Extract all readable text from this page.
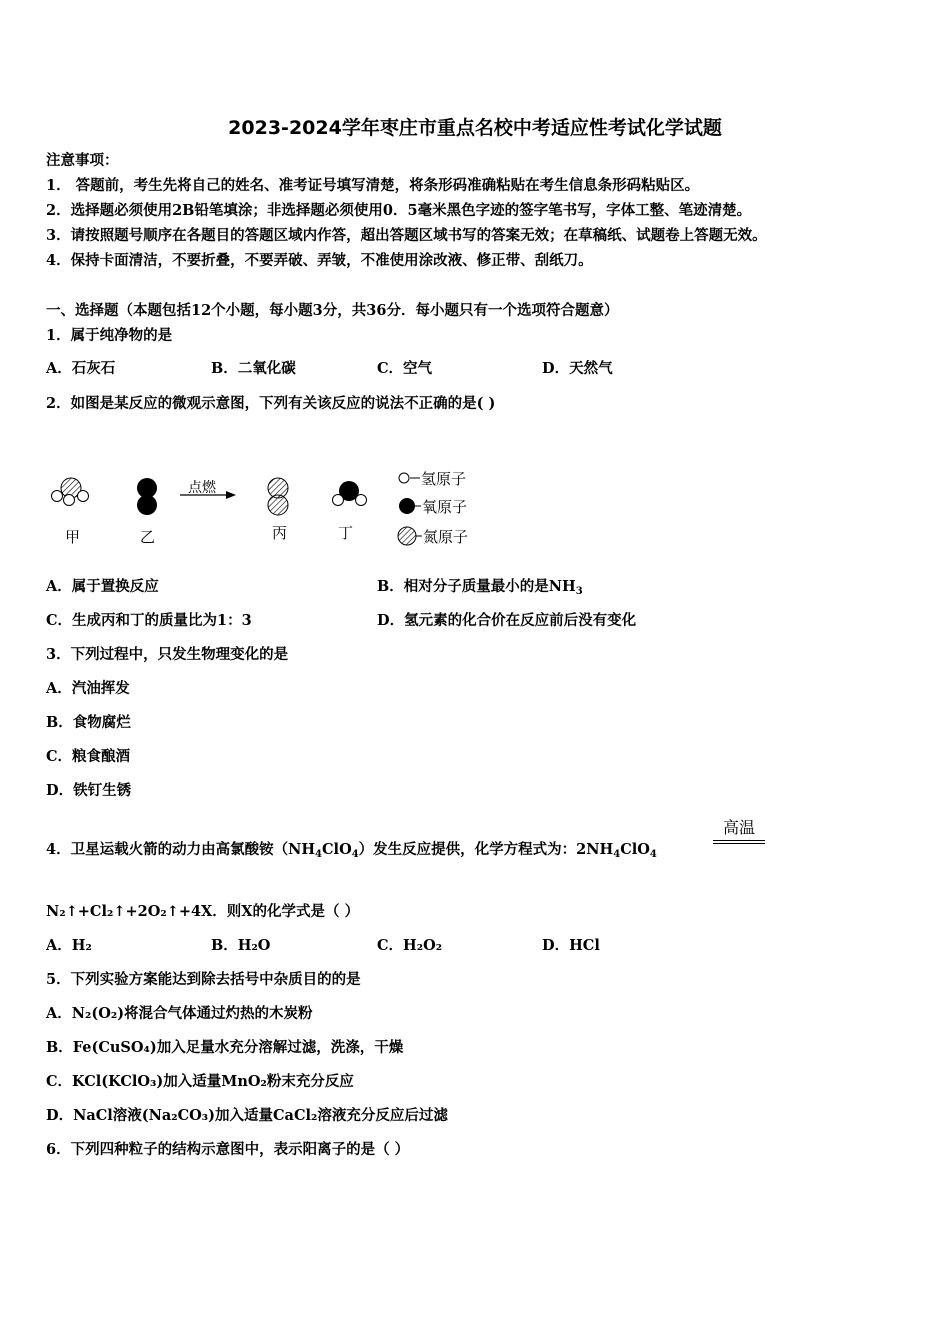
2023-2024学年枣庄市重点名校中考适应性考试化学试题
注意事项：
1． 答题前，考生先将自己的姓名、准考证号填写清楚，将条形码准确粘贴在考生信息条形码粘贴区。
2．选择题必须使用2B铅笔填涂；非选择题必须使用0．5毫米黑色字迹的签字笔书写，字体工整、笔迹清楚。
3．请按照题号顺序在各题目的答题区域内作答，超出答题区域书写的答案无效；在草稿纸、试题卷上答题无效。
4．保持卡面清洁，不要折叠，不要弄破、弄皱，不准使用涂改液、修正带、刮纸刀。
一、选择题（本题包括12个小题，每小题3分，共36分．每小题只有一个选项符合题意）
1．属于纯净物的是
A．石灰石	B．二氧化碳	C．空气	D．天然气
2．如图是某反应的微观示意图，下列有关该反应的说法不正确的是( )
甲	乙
点燃
丙	丁
氢原子
氧原子
氮原子
A．属于置换反应	B．相对分子质量最小的是$NH_3$
C．生成丙和丁的质量比为1：3	D．氢元素的化合价在反应前后没有变化
3．下列过程中，只发生物理变化的是
A．汽油挥发
B．食物腐烂
C．粮食酿酒
D．铁钉生锈
高温
4．卫星运载火箭的动力由高氯酸铵$(NH_4ClO_4)$发生反应提供，化学方程式为：$2NH_4ClO_4$
N₂↑+Cl₂↑+2O₂↑+4X．则X的化学式是（ ）
A．H₂	B．H₂O	C．H₂O₂	D．HCl
5．下列实验方案能达到除去括号中杂质目的的是
A．N₂(O₂)将混合气体通过灼热的木炭粉
B．Fe(CuSO₄)加入足量水充分溶解过滤，洗涤，干燥
C．KCl(KClO₃)加入适量MnO₂粉末充分反应
D．NaCl溶液(Na₂CO₃)加入适量CaCl₂溶液充分反应后过滤
6．下列四种粒子的结构示意图中，表示阳离子的是（ ）
